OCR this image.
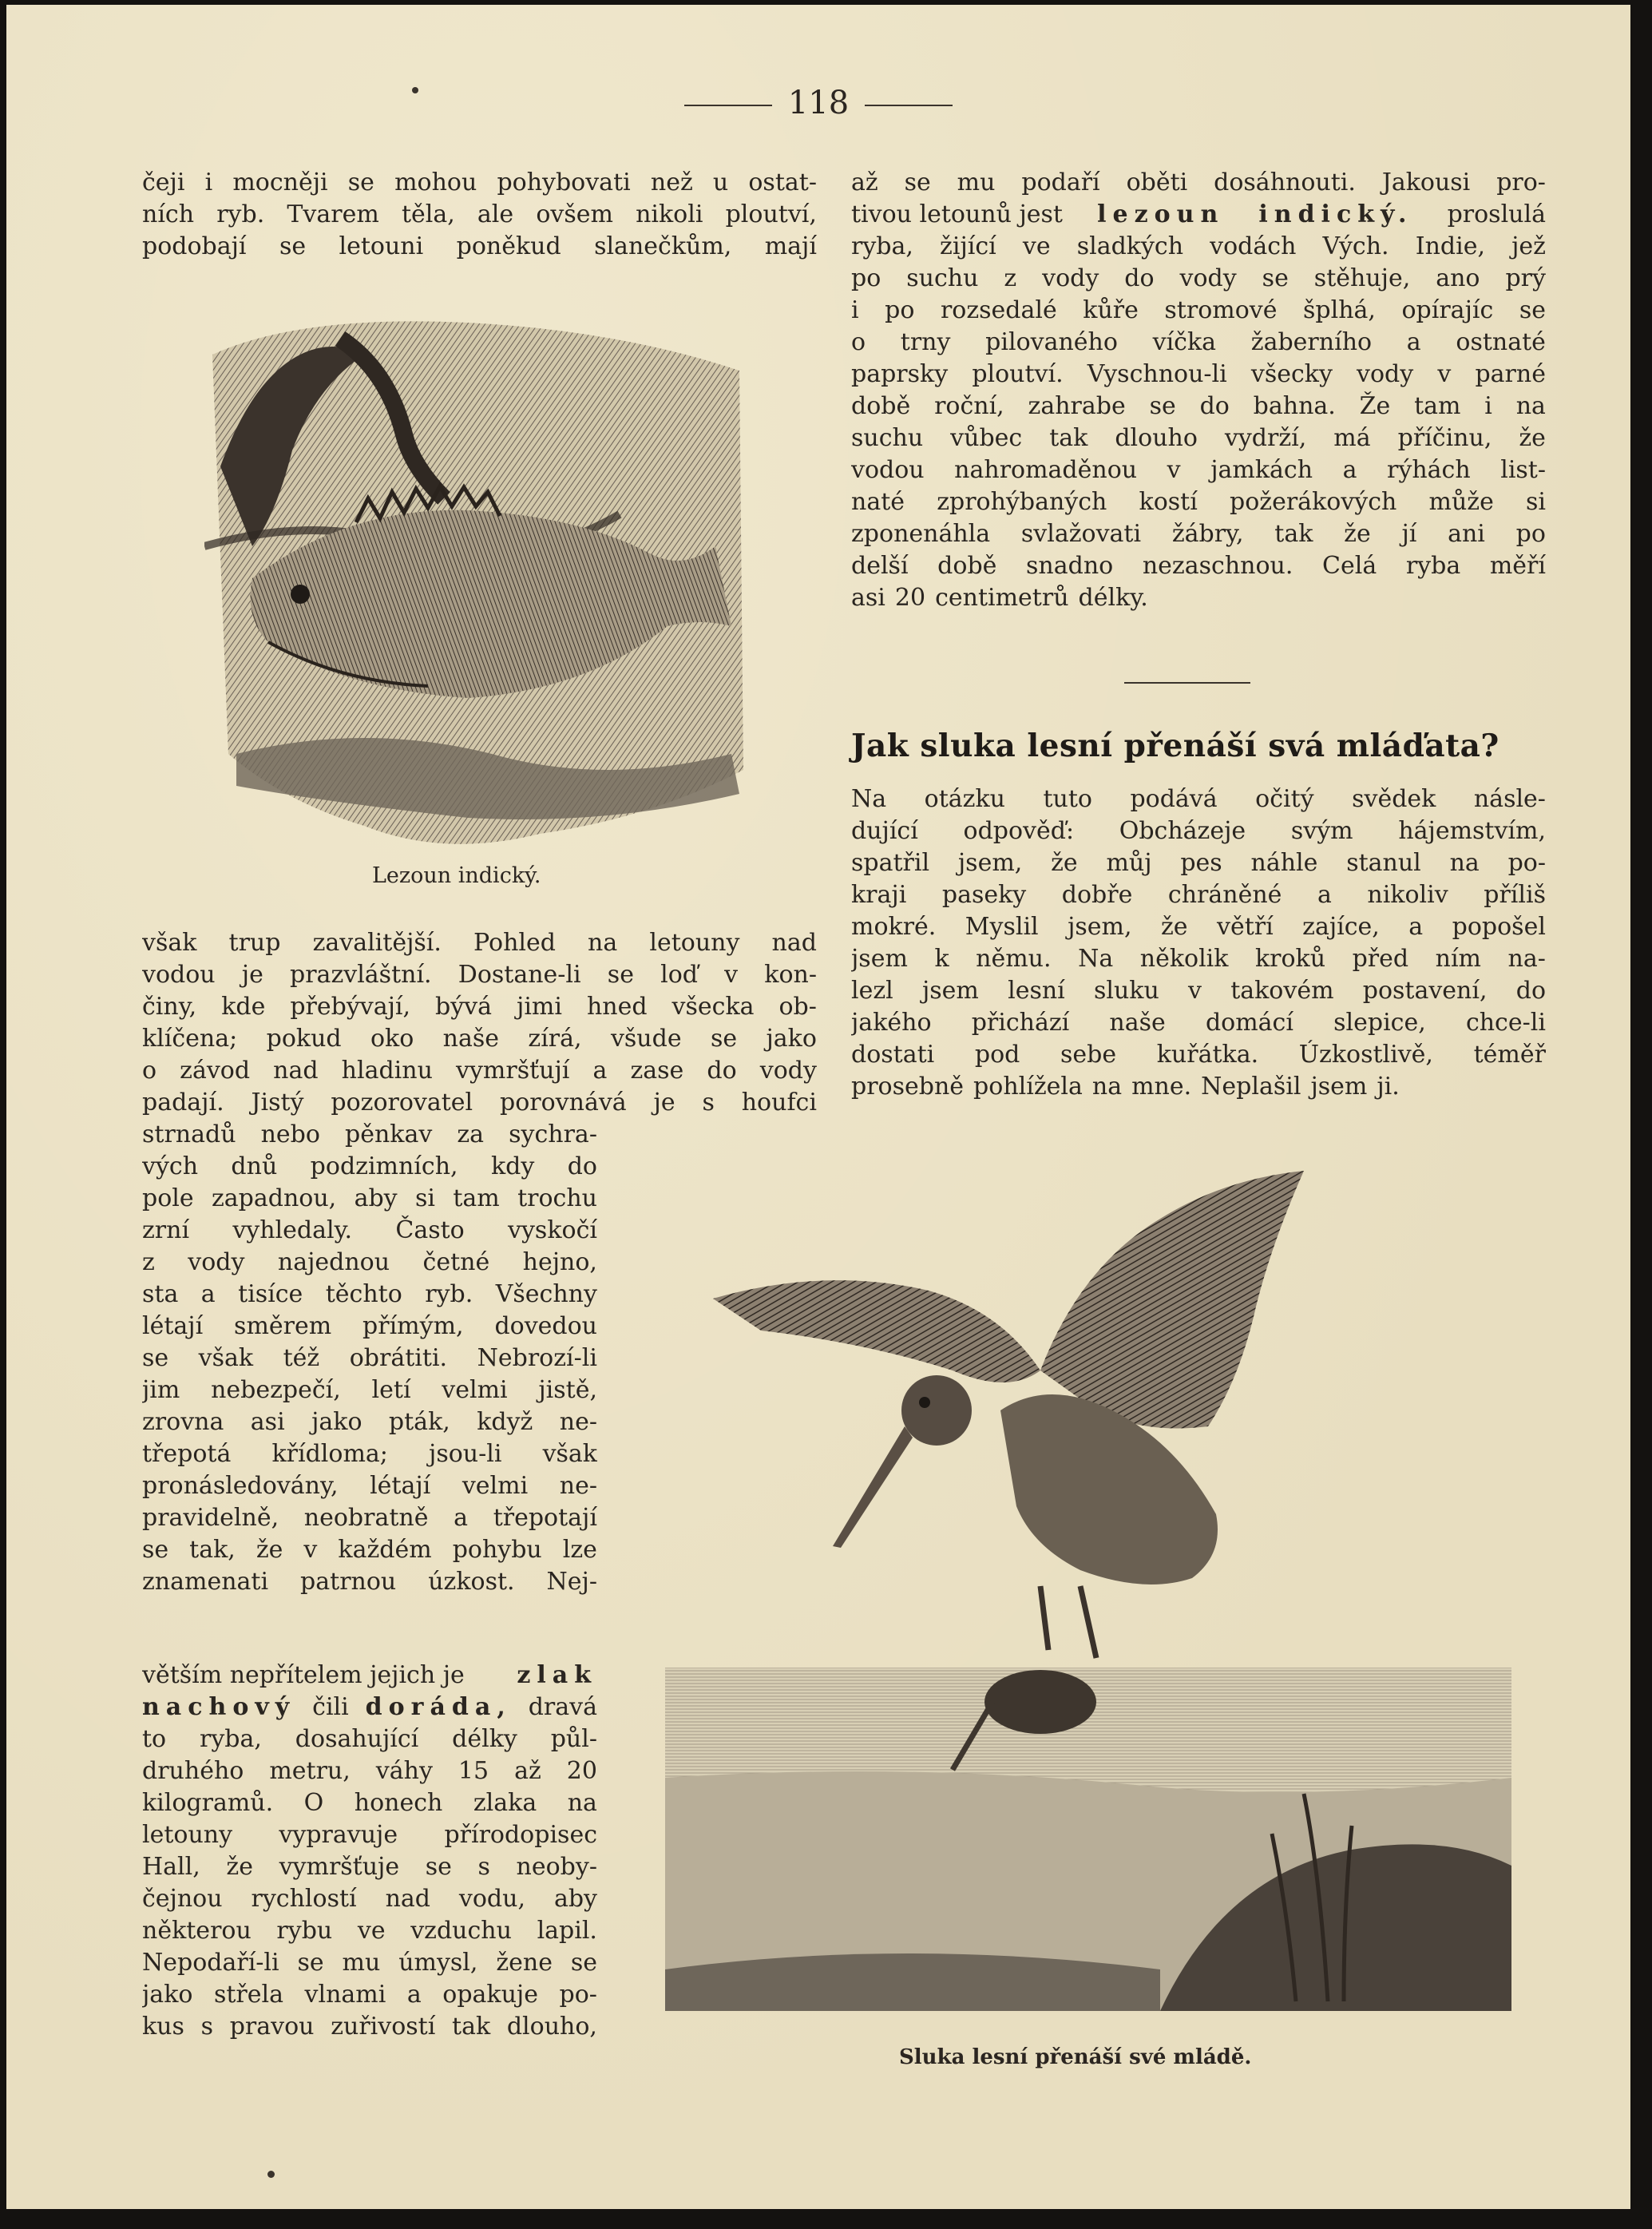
118

čeji i mocněji se mohou pohybovati než u ostat-

ních ryb. Tvarem těla, ale ovšem nikoli ploutví,

podobají se letouni poněkud slanečkům, mají

Lezoun indický.

však trup zavalitější. Pohled na letouny nad

vodou je prazvláštní. Dostane-li se loď v kon-

činy, kde přebývají, bývá jimi hned všecka ob-

klíčena; pokud oko naše zírá, všude se jako

o závod nad hladinu vymršťují a zase do vody

padají. Jistý pozorovatel porovnává je s houfci

strnadů nebo pěnkav za sychra-

vých dnů podzimních, kdy do

pole zapadnou, aby si tam trochu

zrní vyhledaly. Často vyskočí

z vody najednou četné hejno,

sta a tisíce těchto ryb. Všechny

létají směrem přímým, dovedou

se však též obrátiti. Nebrozí-li

jim nebezpečí, letí velmi jistě,

zrovna asi jako pták, když ne-

třepotá křídloma; jsou-li však

pronásledovány, létají velmi ne-

pravidelně, neobratně a třepotají

se tak, že v každém pohybu lze

znamenati patrnou úzkost. Nej-

větším nepřítelem jejich je zlak

nachový čili doráda, dravá

to ryba, dosahující délky půl-

druhého metru, váhy 15 až 20

kilogramů. O honech zlaka na

letouny vypravuje přírodopisec

Hall, že vymršťuje se s neoby-

čejnou rychlostí nad vodu, aby

některou rybu ve vzduchu lapil.

Nepodaří-li se mu úmysl, žene se

jako střela vlnami a opakuje po-

kus s pravou zuřivostí tak dlouho,

až se mu podaří oběti dosáhnouti. Jakousi pro-

tivou letounů jest lezoun indický. proslulá

ryba, žijící ve sladkých vodách Vých. Indie, jež

po suchu z vody do vody se stěhuje, ano prý

i po rozsedalé kůře stromové šplhá, opírajíc se

o trny pilovaného víčka žaberního a ostnaté

paprsky ploutví. Vyschnou-li všecky vody v parné

době roční, zahrabe se do bahna. Že tam i na

suchu vůbec tak dlouho vydrží, má příčinu, že

vodou nahromaděnou v jamkách a rýhách list-

naté zprohýbaných kostí požerákových může si

zponenáhla svlažovati žábry, tak že jí ani po

delší době snadno nezaschnou. Celá ryba měří

asi 20 centimetrů délky.

Jak sluka lesní přenáší svá mláďata?

Na otázku tuto podává očitý svědek násle-

dující odpověď: Obcházeje svým hájemstvím,

spatřil jsem, že můj pes náhle stanul na po-

kraji paseky dobře chráněné a nikoliv příliš

mokré. Myslil jsem, že větří zajíce, a popošel

jsem k němu. Na několik kroků před ním na-

lezl jsem lesní sluku v takovém postavení, do

jakého přichází naše domácí slepice, chce-li

dostati pod sebe kuřátka. Úzkostlivě, téměř

prosebně pohlížela na mne. Neplašil jsem ji.

Sluka lesní přenáší své mládě.
